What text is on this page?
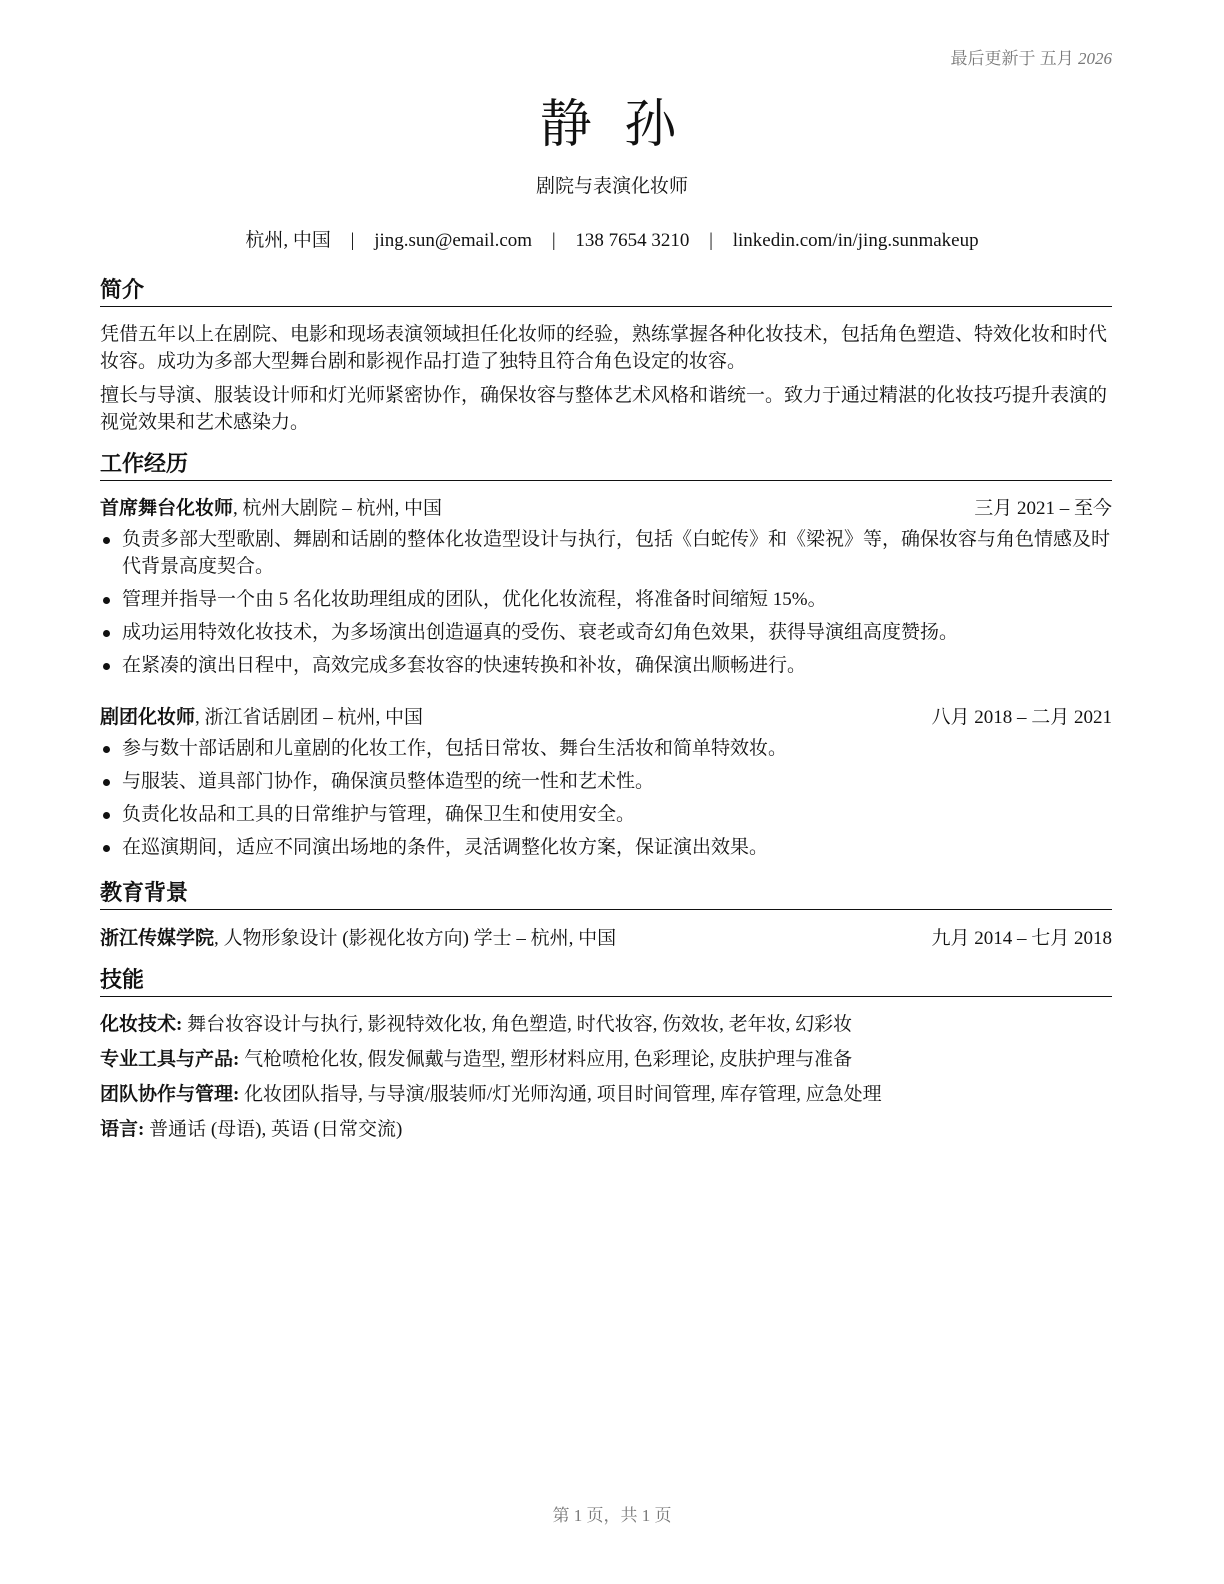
最后更新于 五月 2026
静 孙
剧院与表演化妆师
杭州, 中国 | jing.sun@email.com | 138 7654 3210 | linkedin.com/in/jing.sunmakeup
简介
凭借五年以上在剧院、电影和现场表演领域担任化妆师的经验，熟练掌握各种化妆技术，包括角色塑造、特效化妆和时代妆容。成功为多部大型舞台剧和影视作品打造了独特且符合角色设定的妆容。
擅长与导演、服装设计师和灯光师紧密协作，确保妆容与整体艺术风格和谐统一。致力于通过精湛的化妆技巧提升表演的视觉效果和艺术感染力。
工作经历
首席舞台化妆师, 杭州大剧院 – 杭州, 中国	三月 2021 – 至今
负责多部大型歌剧、舞剧和话剧的整体化妆造型设计与执行，包括《白蛇传》和《梁祝》等，确保妆容与角色情感及时代背景高度契合。
管理并指导一个由 5 名化妆助理组成的团队，优化化妆流程，将准备时间缩短 15%。
成功运用特效化妆技术，为多场演出创造逼真的受伤、衰老或奇幻角色效果，获得导演组高度赞扬。
在紧凑的演出日程中，高效完成多套妆容的快速转换和补妆，确保演出顺畅进行。
剧团化妆师, 浙江省话剧团 – 杭州, 中国	八月 2018 – 二月 2021
参与数十部话剧和儿童剧的化妆工作，包括日常妆、舞台生活妆和简单特效妆。
与服装、道具部门协作，确保演员整体造型的统一性和艺术性。
负责化妆品和工具的日常维护与管理，确保卫生和使用安全。
在巡演期间，适应不同演出场地的条件，灵活调整化妆方案，保证演出效果。
教育背景
浙江传媒学院, 人物形象设计 (影视化妆方向) 学士 – 杭州, 中国	九月 2014 – 七月 2018
技能
化妆技术: 舞台妆容设计与执行, 影视特效化妆, 角色塑造, 时代妆容, 伤效妆, 老年妆, 幻彩妆
专业工具与产品: 气枪喷枪化妆, 假发佩戴与造型, 塑形材料应用, 色彩理论, 皮肤护理与准备
团队协作与管理: 化妆团队指导, 与导演/服装师/灯光师沟通, 项目时间管理, 库存管理, 应急处理
语言: 普通话 (母语), 英语 (日常交流)
第 1 页，共 1 页
